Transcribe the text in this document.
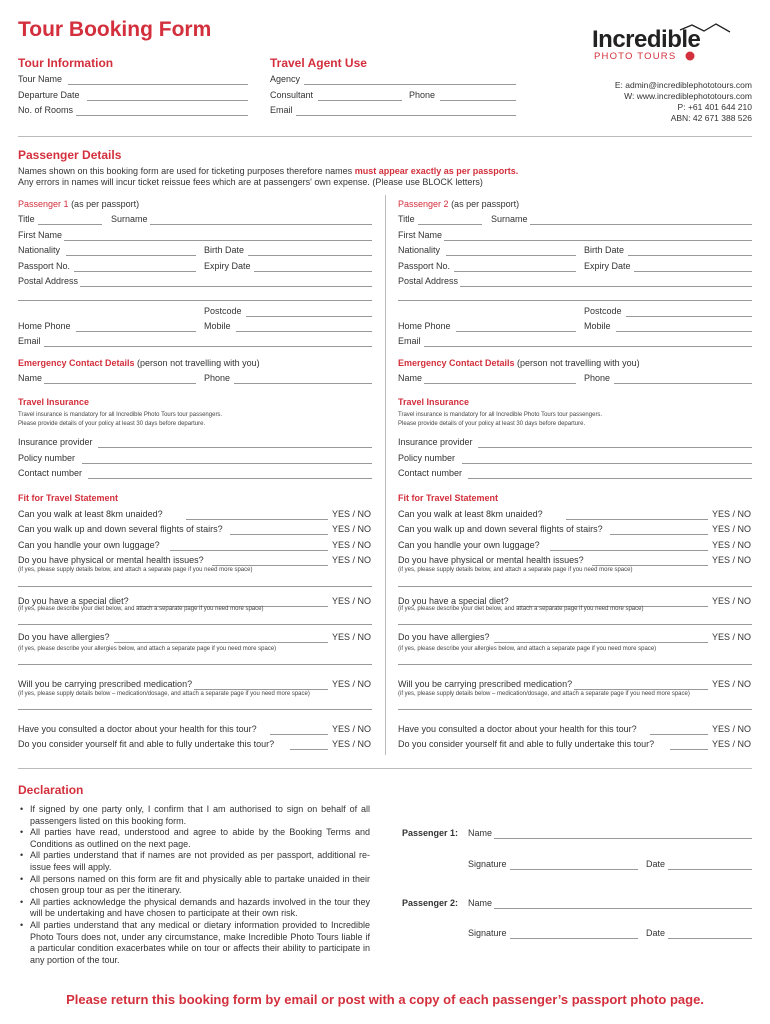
Tour Booking Form	Incredible
PHOTO TOURS
Tour Information
Tour Name
Departure Date
No. of Rooms
Travel Agent Use
Agency
Consultant	Phone
Email
E: admin@incrediblephototours.com
W: www.incrediblephototours.com
P: +61 401 644 210
ABN: 42 671 388 526
Passenger Details
Names shown on this booking form are used for ticketing purposes therefore names must appear exactly as per passports.
Any errors in names will incur ticket reissue fees which are at passengers' own expense. (Please use BLOCK letters)
Passenger 1 (as per passport)
Title	Surname
First Name
Nationality	Birth Date
Passport No.	Expiry Date
Postal Address
Postcode
Home Phone	Mobile
Email
Emergency Contact Details (person not travelling with you)
Name	Phone
Travel Insurance
Travel insurance is mandatory for all Incredible Photo Tours tour passengers.
Please provide details of your policy at least 30 days before departure.
Insurance provider
Policy number
Contact number
Fit for Travel Statement
Can you walk at least 8km unaided?	YES / NO
Can you walk up and down several flights of stairs?	YES / NO
Can you handle your own luggage?	YES / NO
Do you have physical or mental health issues?	YES / NO
(if yes, please supply details below, and attach a separate page if you need more space)
Do you have a special diet?	YES / NO
(if yes, please describe your diet below, and attach a separate page if you need more space)
Do you have allergies?	YES / NO
(if yes, please describe your allergies below, and attach a separate page if you need more space)
Will you be carrying prescribed medication?	YES / NO
(if yes, please supply details below – medication/dosage, and attach a separate page if you need more space)
Have you consulted a doctor about your health for this tour?	YES / NO
Do you consider yourself fit and able to fully undertake this tour?	YES / NO
Passenger 2 (as per passport)
Title	Surname
First Name
Nationality	Birth Date
Passport No.	Expiry Date
Postal Address
Postcode
Home Phone	Mobile
Email
Emergency Contact Details (person not travelling with you)
Name	Phone
Travel Insurance
Travel insurance is mandatory for all Incredible Photo Tours tour passengers.
Please provide details of your policy at least 30 days before departure.
Insurance provider
Policy number
Contact number
Fit for Travel Statement
Can you walk at least 8km unaided?	YES / NO
Can you walk up and down several flights of stairs?	YES / NO
Can you handle your own luggage?	YES / NO
Do you have physical or mental health issues?	YES / NO
(if yes, please supply details below, and attach a separate page if you need more space)
Do you have a special diet?	YES / NO
(if yes, please describe your diet below, and attach a separate page if you need more space)
Do you have allergies?	YES / NO
(if yes, please describe your allergies below, and attach a separate page if you need more space)
Will you be carrying prescribed medication?	YES / NO
(if yes, please supply details below – medication/dosage, and attach a separate page if you need more space)
Have you consulted a doctor about your health for this tour?	YES / NO
Do you consider yourself fit and able to fully undertake this tour?	YES / NO
Declaration
• If signed by one party only, I confirm that I am authorised to sign on behalf of all passengers listed on this booking form.
• All parties have read, understood and agree to abide by the Booking Terms and Conditions as outlined on the next page.
• All parties understand that if names are not provided as per passport, additional re-issue fees will apply.
• All persons named on this form are fit and physically able to partake unaided in their chosen group tour as per the itinerary.
• All parties acknowledge the physical demands and hazards involved in the tour they will be undertaking and have chosen to participate at their own risk.
• All parties understand that any medical or dietary information provided to Incredible Photo Tours does not, under any circumstance, make Incredible Photo Tours liable if a particular condition exacerbates while on tour or affects their ability to participate in any portion of the tour.
Passenger 1: Name
Signature	Date
Passenger 2: Name
Signature	Date
Please return this booking form by email or post with a copy of each passenger’s passport photo page.
